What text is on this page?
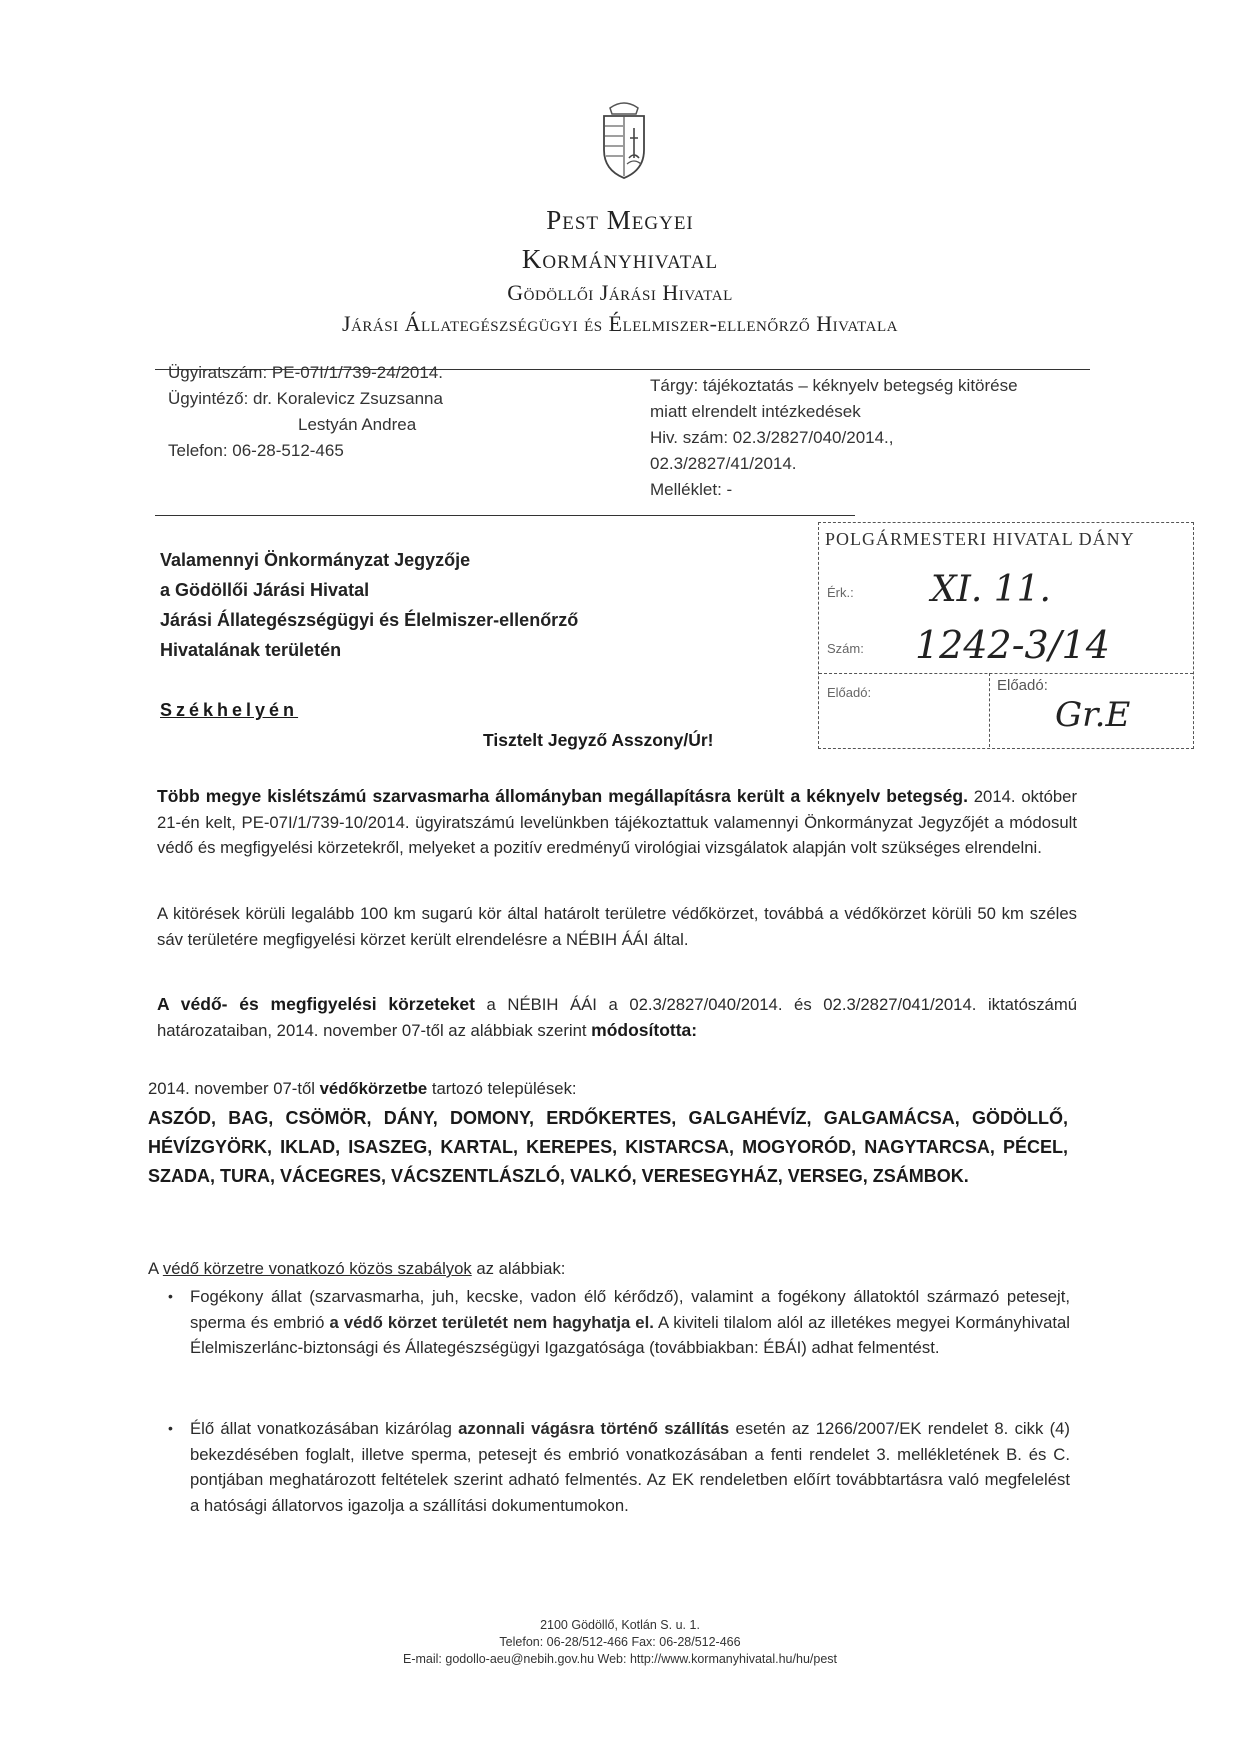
Pest Megyei
Kormányhivatal
Gödöllői Járási Hivatal
Járási Állategészségügyi és Élelmiszer-ellenőrző Hivatala
Ügyiratszám: PE-07I/1/739-24/2014.
Ügyintéző: dr. Koralevicz Zsuzsanna
Lestyán Andrea
Telefon: 06-28-512-465
Tárgy: tájékoztatás – kéknyelv betegség kitörése
miatt elrendelt intézkedések
Hiv. szám: 02.3/2827/040/2014.,
02.3/2827/41/2014.
Melléklet: -
Valamennyi Önkormányzat Jegyzője
a Gödöllői Járási Hivatal
Járási Állategészségügyi és Élelmiszer-ellenőrző
Hivatalának területén
Székhelyén
POLGÁRMESTERI HIVATAL DÁNY
Érk.: XI. 11.
Szám: 1242-3/14
Előadó:	Előadó:
Gr.E
Tisztelt Jegyző Asszony/Úr!
Több megye kislétszámú szarvasmarha állományban megállapításra került a kéknyelv betegség. 2014. október 21-én kelt, PE-07I/1/739-10/2014. ügyiratszámú levelünkben tájékoztattuk valamennyi Önkormányzat Jegyzőjét a módosult védő és megfigyelési körzetekről, melyeket a pozitív eredményű virológiai vizsgálatok alapján volt szükséges elrendelni.
A kitörések körüli legalább 100 km sugarú kör által határolt területre védőkörzet, továbbá a védőkörzet körüli 50 km széles sáv területére megfigyelési körzet került elrendelésre a NÉBIH ÁÁI által.
A védő- és megfigyelési körzeteket a NÉBIH ÁÁI a 02.3/2827/040/2014. és 02.3/2827/041/2014. iktatószámú határozataiban, 2014. november 07-től az alábbiak szerint módosította:
2014. november 07-től védőkörzetbe tartozó települések:
ASZÓD, BAG, CSÖMÖR, DÁNY, DOMONY, ERDŐKERTES, GALGAHÉVÍZ, GALGAMÁCSA, GÖDÖLLŐ, HÉVÍZGYÖRK, IKLAD, ISASZEG, KARTAL, KEREPES, KISTARCSA, MOGYORÓD, NAGYTARCSA, PÉCEL, SZADA, TURA, VÁCEGRES, VÁCSZENTLÁSZLÓ, VALKÓ, VERESEGYHÁZ, VERSEG, ZSÁMBOK.
A védő körzetre vonatkozó közös szabályok az alábbiak:
• Fogékony állat (szarvasmarha, juh, kecske, vadon élő kérődző), valamint a fogékony állatoktól származó petesejt, sperma és embrió a védő körzet területét nem hagyhatja el. A kiviteli tilalom alól az illetékes megyei Kormányhivatal Élelmiszerlánc-biztonsági és Állategészségügyi Igazgatósága (továbbiakban: ÉBÁI) adhat felmentést.
• Élő állat vonatkozásában kizárólag azonnali vágásra történő szállítás esetén az 1266/2007/EK rendelet 8. cikk (4) bekezdésében foglalt, illetve sperma, petesejt és embrió vonatkozásában a fenti rendelet 3. mellékletének B. és C. pontjában meghatározott feltételek szerint adható felmentés. Az EK rendeletben előírt továbbtartásra való megfelelést a hatósági állatorvos igazolja a szállítási dokumentumokon.
2100 Gödöllő, Kotlán S. u. 1.
Telefon: 06-28/512-466 Fax: 06-28/512-466
E-mail: godollo-aeu@nebih.gov.hu Web: http://www.kormanyhivatal.hu/hu/pest
